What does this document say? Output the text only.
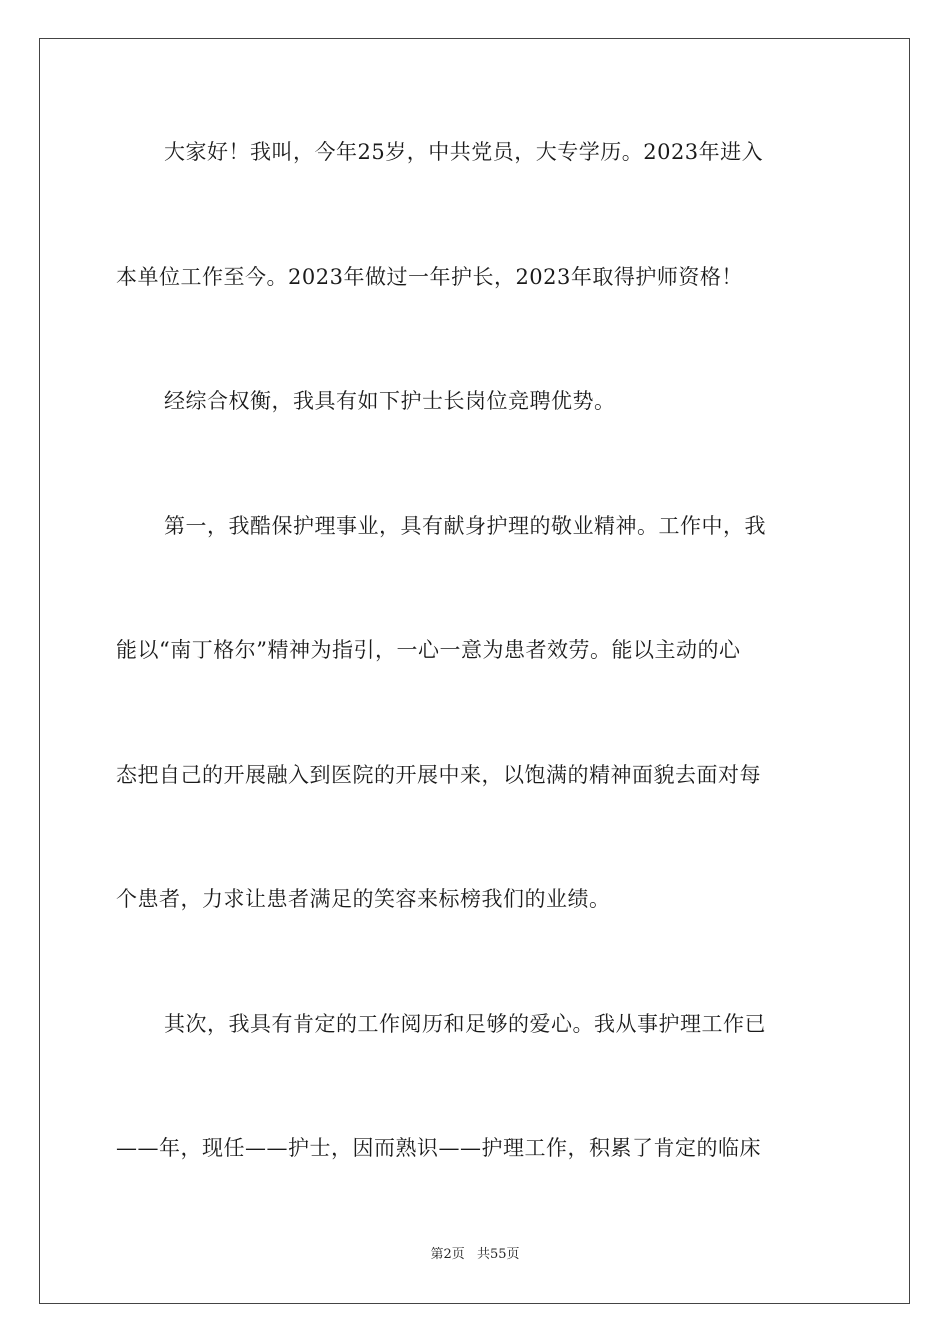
大家好！我叫，今年25岁，中共党员，大专学历。2023年进入
本单位工作至今。2023年做过一年护长，2023年取得护师资格！
经综合权衡，我具有如下护士长岗位竞聘优势。
第一，我酷保护理事业，具有献身护理的敬业精神。工作中，我
能以“南丁格尔”精神为指引，一心一意为患者效劳。能以主动的心
态把自己的开展融入到医院的开展中来，以饱满的精神面貌去面对每
个患者，力求让患者满足的笑容来标榜我们的业绩。
其次，我具有肯定的工作阅历和足够的爱心。我从事护理工作已
——年，现任——护士，因而熟识——护理工作，积累了肯定的临床
第2页 共55页
